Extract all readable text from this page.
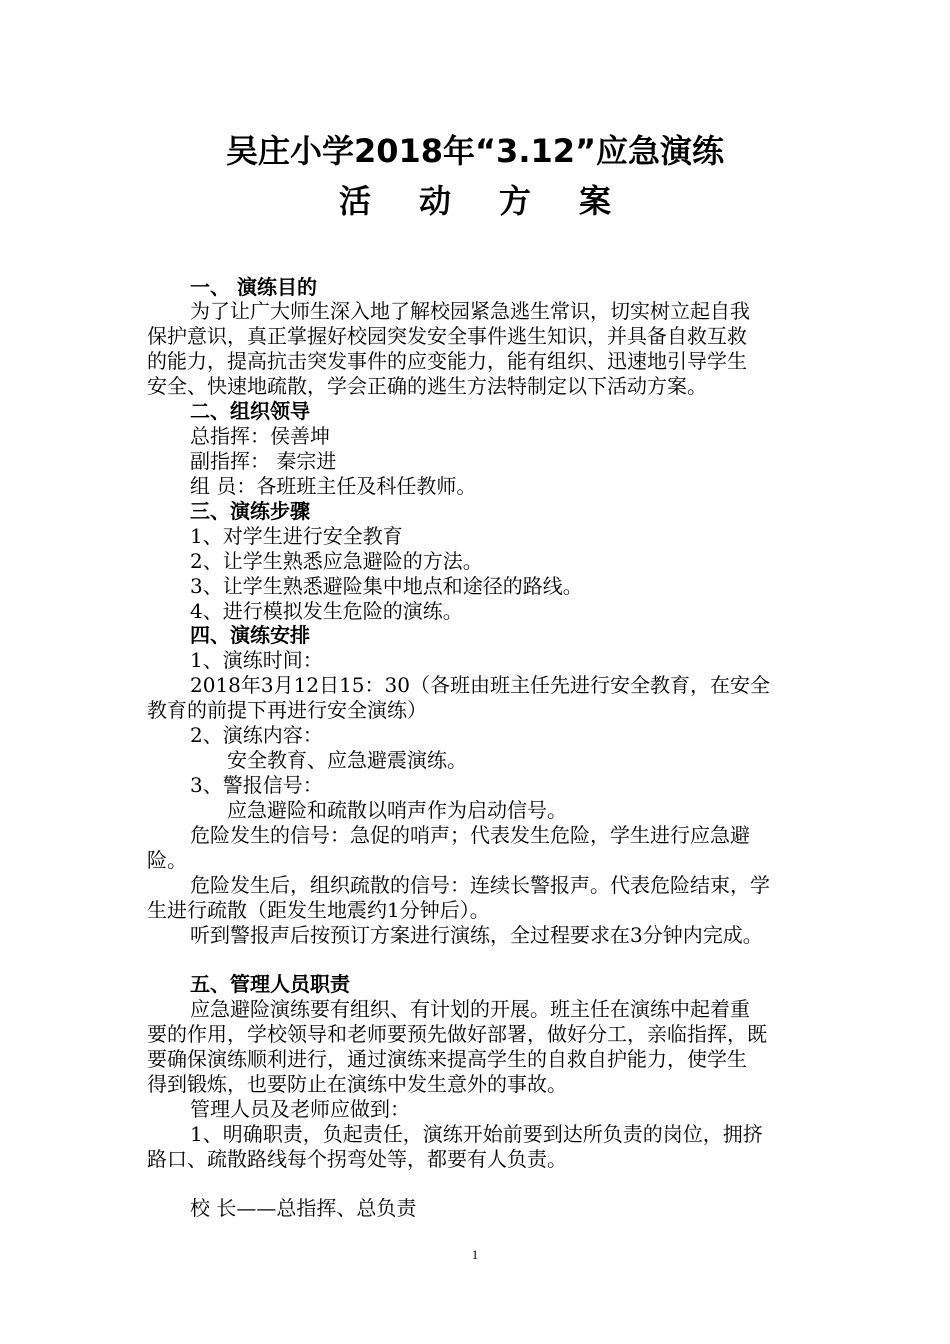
吴庄小学2018年“3.12”应急演练
活动方案
一、 演练目的
为了让广大师生深入地了解校园紧急逃生常识，切实树立起自我
保护意识，真正掌握好校园突发安全事件逃生知识，并具备自救互救
的能力，提高抗击突发事件的应变能力，能有组织、迅速地引导学生
安全、快速地疏散，学会正确的逃生方法特制定以下活动方案。
二、组织领导
总指挥：侯善坤
副指挥： 秦宗进
组 员：各班班主任及科任教师。
三、演练步骤
1、对学生进行安全教育
2、让学生熟悉应急避险的方法。
3、让学生熟悉避险集中地点和途径的路线。
4、进行模拟发生危险的演练。
四、演练安排
1、演练时间：
2018年3月12日15：30（各班由班主任先进行安全教育，在安全
教育的前提下再进行安全演练）
2、演练内容：
安全教育、应急避震演练。
3、警报信号：
应急避险和疏散以哨声作为启动信号。
危险发生的信号：急促的哨声；代表发生危险，学生进行应急避
险。
危险发生后，组织疏散的信号：连续长警报声。代表危险结束，学
生进行疏散（距发生地震约1分钟后）。
听到警报声后按预订方案进行演练，全过程要求在3分钟内完成。
五、管理人员职责
应急避险演练要有组织、有计划的开展。班主任在演练中起着重
要的作用，学校领导和老师要预先做好部署，做好分工，亲临指挥，既
要确保演练顺利进行，通过演练来提高学生的自救自护能力，使学生
得到锻炼，也要防止在演练中发生意外的事故。
管理人员及老师应做到：
1、明确职责，负起责任，演练开始前要到达所负责的岗位，拥挤
路口、疏散路线每个拐弯处等，都要有人负责。
校 长——总指挥、总负责
1
